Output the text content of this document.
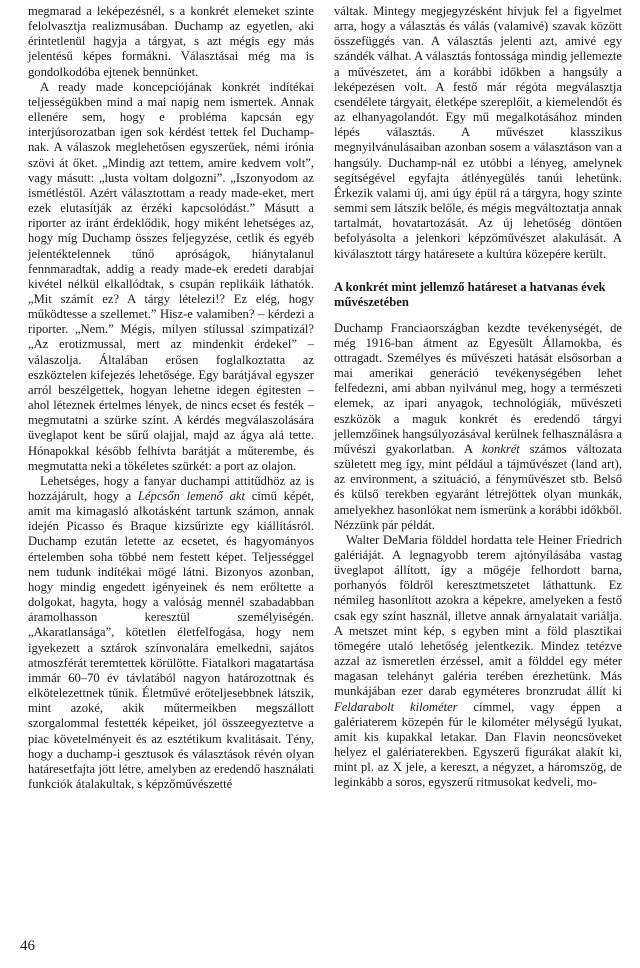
megmarad a leképezésnél, s a konkrét elemeket szinte felolvasztja realizmusában. Duchamp az egyetlen, aki érintetlenül hagyja a tárgyat, s azt mégis egy más jelentésű képes formákni. Választásai még ma is gondolkodóba ejtenek bennünket.

A ready made koncepciójának konkrét indítékai teljességükben mind a mai napig nem ismertek. Annak ellenére sem, hogy e probléma kapcsán egy interjúsorozatban igen sok kérdést tettek fel Duchamp-nak. A válaszok meglehetősen egyszerűek, némi irónia szövi át őket. „Mindig azt tettem, amire kedvem volt”, vagy másutt: „lusta voltam dolgozni”. „Iszonyodom az ismétléstől. Azért választottam a ready made-eket, mert ezek elutasítják az érzéki kapcsolódást.” Másutt a riporter az iránt érdeklődik, hogy miként lehetséges az, hogy míg Duchamp összes feljegyzése, cetlik és egyéb jelentéktelennek tűnő apróságok, hiánytalanul fennmaradtak, addig a ready made-ek eredeti darabjai kivétel nélkül elkallódtak, s csupán replikáik láthatók. „Mit számít ez? A tárgy lételezi!? Ez elég, hogy működtesse a szellemet.” Hisz-e valamiben? – kérdezi a riporter. „Nem.” Mégis, milyen stílussal szimpatizál? „Az erotizmussal, mert az mindenkit érdekel” – válaszolja. Általában erősen foglalkoztatta az eszköztelen kifejezés lehetősége. Egy barátjával egyszer arról beszélgettek, hogyan lehetne idegen égitesten – ahol léteznek értelmes lények, de nincs ecset és festék – megmutatni a szürke színt. A kérdés megválaszolására üveglapot kent be sűrű olajjal, majd az ágya alá tette. Hónapokkal később felhívta barátját a műterembe, és megmutatta neki a tökéletes szürkét: a port az olajon.

Lehetséges, hogy a fanyar duchampi attitűdhöz az is hozzájárult, hogy a Lépcsőn lemenő akt című képét, amit ma kimagasló alkotásként tartunk számon, annak idején Picasso és Braque kizsűrizte egy kiállításról. Duchamp ezután letette az ecsetet, és hagyományos értelemben soha többé nem festett képet. Teljességgel nem tudunk indítékai mögé látni. Bizonyos azonban, hogy mindig engedett igényeinek és nem erőltette a dolgokat, hagyta, hogy a valóság mennél szabadabban áramolhasson keresztül személyiségén. „Akaratlansága”, kötetlen életfelfogása, hogy nem igyekezett a sztárok színvonalára emelkedni, sajátos atmoszférát teremtettek körülötte. Fiatalkori magatartása immár 60–70 év távlatából nagyon határozottnak és elkötelezettnek tűnik. Életművé erőteljesebbnek látszik, mint azoké, akik műtermeikben megszállott szorgalommal festették képeiket, jól összeegyeztetve a piac követelményeit és az esztétikum kvalitásait. Tény, hogy a duchamp-i gesztusok és választások révén olyan határesetfajta jött létre, amelyben az eredendő használati funkciók átalakultak, s képzőművészetté

váltak. Mintegy megjegyzésként hívjuk fel a figyelmet arra, hogy a választás és válás (valamivé) szavak között összefüggés van. A választás jelenti azt, amivé egy szándék válhat. A választás fontossága mindig jellemezte a művészetet, ám a korábbi időkben a hangsúly a leképezésen volt. A festő már régóta megválasztja csendélete tárgyait, életképe szereplőit, a kiemelendőt és az elhanyagolandót. Egy mű megalkotásához minden lépés választás. A művészet klasszikus megnyilvánulásaiban azonban sosem a választáson van a hangsúly. Duchamp-nál ez utóbbi a lényeg, amelynek segítségével egyfajta átlényegülés tanúi lehetünk. Érkezik valami új, ami úgy épül rá a tárgyra, hogy szinte semmi sem látszik belőle, és mégis megváltoztatja annak tartalmát, hovatartozását. Az új lehetőség döntően befolyásolta a jelenkori képzőművészet alakulását. A kiválasztott tárgy határesete a kultúra közepére került.

A konkrét mint jellemző határeset a hatvanas évek művészetében

Duchamp Franciaországban kezdte tevékenységét, de még 1916-ban átment az Egyesült Államokba, és ottragadt. Személyes és művészeti hatását elsősorban a mai amerikai generáció tevékenységében lehet felfedezni, ami abban nyilvánul meg, hogy a természeti elemek, az ipari anyagok, technológiák, művészeti eszközök a maguk konkrét és eredendő tárgyi jellemzőinek hangsúlyozásával kerülnek felhasználásra a művészi gyakorlatban. A konkrét számos változata született meg így, mint például a tájművészet (land art), az environment, a szituáció, a fényművészet stb. Belső és külső terekben egyaránt létrejöttek olyan munkák, amelyekhez hasonlókat nem ismerünk a korábbi időkből. Nézzünk pár példát.

Walter DeMaria földdel hordatta tele Heiner Friedrich galériáját. A legnagyobb terem ajtónyílásába vastag üveglapot állított, így a mögéje felhordott barna, porhanyós földről keresztmetszetet láthattunk. Ez némileg hasonlított azokra a képekre, amelyeken a festő csak egy színt használ, illetve annak árnyalatait variálja. A metszet mint kép, s egyben mint a föld plasztikai tömegére utaló lehetőség jelentkezik. Mindez tetézve azzal az ismeretlen érzéssel, amit a földdel egy méter magasan telehányt galéria terében érezhetünk. Más munkájában ezer darab egyméteres bronzrudat állít ki Feldarabolt kilométer címmel, vagy éppen a galériaterem közepén fúr le kilométer mélységű lyukat, amit kis kupakkal letakar. Dan Flavin neoncsöveket helyez el galériaterekben. Egyszerű figurákat alakít ki, mint pl. az X jele, a kereszt, a négyzet, a háromszög, de leginkább a soros, egyszerű ritmusokat kedveli, mo-

46
